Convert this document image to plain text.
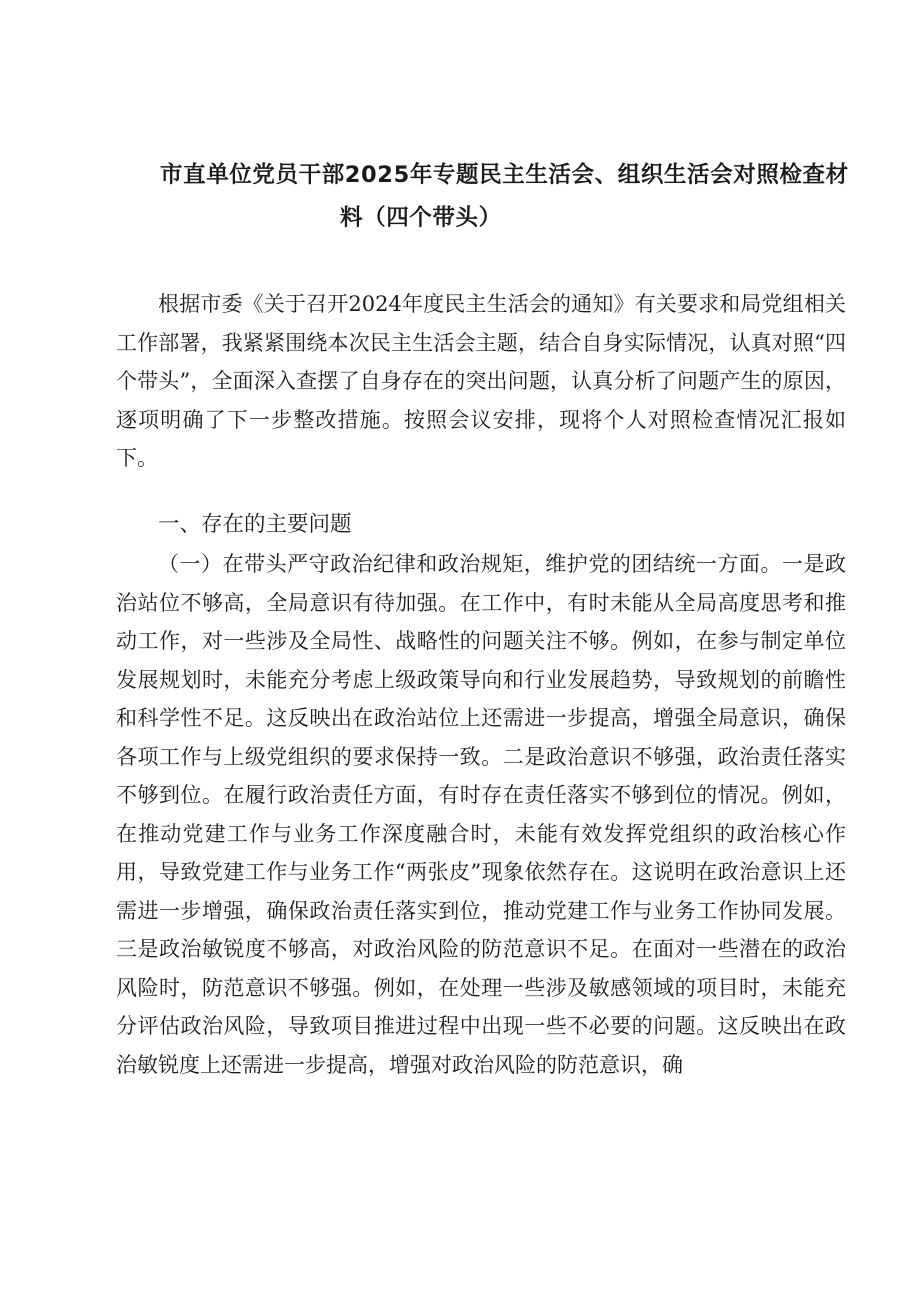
市直单位党员干部2025年专题民主生活会、组织生活会对照检查材
料（四个带头）

根据市委《关于召开2024年度民主生活会的通知》有关要求和局党组相关工作部署，我紧紧围绕本次民主生活会主题，结合自身实际情况，认真对照“四个带头”，全面深入查摆了自身存在的突出问题，认真分析了问题产生的原因，逐项明确了下一步整改措施。按照会议安排，现将个人对照检查情况汇报如下。

一、存在的主要问题

（一）在带头严守政治纪律和政治规矩，维护党的团结统一方面。一是政治站位不够高，全局意识有待加强。在工作中，有时未能从全局高度思考和推动工作，对一些涉及全局性、战略性的问题关注不够。例如，在参与制定单位发展规划时，未能充分考虑上级政策导向和行业发展趋势，导致规划的前瞻性和科学性不足。这反映出在政治站位上还需进一步提高，增强全局意识，确保各项工作与上级党组织的要求保持一致。二是政治意识不够强，政治责任落实不够到位。在履行政治责任方面，有时存在责任落实不够到位的情况。例如，在推动党建工作与业务工作深度融合时，未能有效发挥党组织的政治核心作用，导致党建工作与业务工作“两张皮”现象依然存在。这说明在政治意识上还需进一步增强，确保政治责任落实到位，推动党建工作与业务工作协同发展。三是政治敏锐度不够高，对政治风险的防范意识不足。在面对一些潜在的政治风险时，防范意识不够强。例如，在处理一些涉及敏感领域的项目时，未能充分评估政治风险，导致项目推进过程中出现一些不必要的问题。这反映出在政治敏锐度上还需进一步提高，增强对政治风险的防范意识，确
